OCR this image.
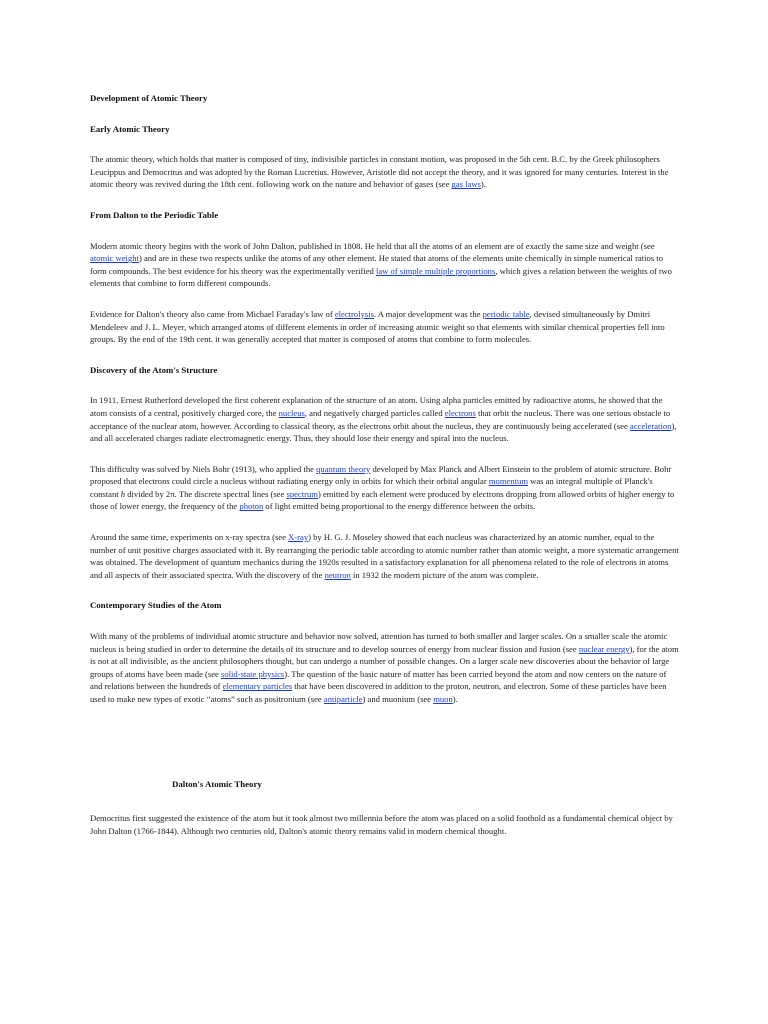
Development of Atomic Theory
Early Atomic Theory

The atomic theory, which holds that matter is composed of tiny, indivisible particles in constant motion, was proposed in the 5th cent. B.C. by the Greek philosophers Leucippus and Democritus and was adopted by the Roman Lucretius. However, Aristotle did not accept the theory, and it was ignored for many centuries. Interest in the atomic theory was revived during the 18th cent. following work on the nature and behavior of gases (see gas laws).

From Dalton to the Periodic Table

Modern atomic theory begins with the work of John Dalton, published in 1808. He held that all the atoms of an element are of exactly the same size and weight (see atomic weight) and are in these two respects unlike the atoms of any other element. He stated that atoms of the elements unite chemically in simple numerical ratios to form compounds. The best evidence for his theory was the experimentally verified law of simple multiple proportions, which gives a relation between the weights of two elements that combine to form different compounds.

Evidence for Dalton's theory also came from Michael Faraday's law of electrolysis. A major development was the periodic table, devised simultaneously by Dmitri Mendeleev and J. L. Meyer, which arranged atoms of different elements in order of increasing atomic weight so that elements with similar chemical properties fell into groups. By the end of the 19th cent. it was generally accepted that matter is composed of atoms that combine to form molecules.

Discovery of the Atom's Structure

In 1911, Ernest Rutherford developed the first coherent explanation of the structure of an atom. Using alpha particles emitted by radioactive atoms, he showed that the atom consists of a central, positively charged core, the nucleus, and negatively charged particles called electrons that orbit the nucleus. There was one serious obstacle to acceptance of the nuclear atom, however. According to classical theory, as the electrons orbit about the nucleus, they are continuously being accelerated (see acceleration), and all accelerated charges radiate electromagnetic energy. Thus, they should lose their energy and spiral into the nucleus.

This difficulty was solved by Niels Bohr (1913), who applied the quantum theory developed by Max Planck and Albert Einstein to the problem of atomic structure. Bohr proposed that electrons could circle a nucleus without radiating energy only in orbits for which their orbital angular momentum was an integral multiple of Planck's constant h divided by 2π. The discrete spectral lines (see spectrum) emitted by each element were produced by electrons dropping from allowed orbits of higher energy to those of lower energy, the frequency of the photon of light emitted being proportional to the energy difference between the orbits.

Around the same time, experiments on x-ray spectra (see X-ray) by H. G. J. Moseley showed that each nucleus was characterized by an atomic number, equal to the number of unit positive charges associated with it. By rearranging the periodic table according to atomic number rather than atomic weight, a more systematic arrangement was obtained. The development of quantum mechanics during the 1920s resulted in a satisfactory explanation for all phenomena related to the role of electrons in atoms and all aspects of their associated spectra. With the discovery of the neutron in 1932 the modern picture of the atom was complete.

Contemporary Studies of the Atom

With many of the problems of individual atomic structure and behavior now solved, attention has turned to both smaller and larger scales. On a smaller scale the atomic nucleus is being studied in order to determine the details of its structure and to develop sources of energy from nuclear fission and fusion (see nuclear energy), for the atom is not at all indivisible, as the ancient philosophers thought, but can undergo a number of possible changes. On a larger scale new discoveries about the behavior of large groups of atoms have been made (see solid-state physics). The question of the basic nature of matter has been carried beyond the atom and now centers on the nature of and relations between the hundreds of elementary particles that have been discovered in addition to the proton, neutron, and electron. Some of these particles have been used to make new types of exotic “atoms” such as positronium (see antiparticle) and muonium (see muon).

Dalton's Atomic Theory

Democritus first suggested the existence of the atom but it took almost two millennia before the atom was placed on a solid foothold as a fundamental chemical object by John Dalton (1766-1844). Although two centuries old, Dalton's atomic theory remains valid in modern chemical thought.
